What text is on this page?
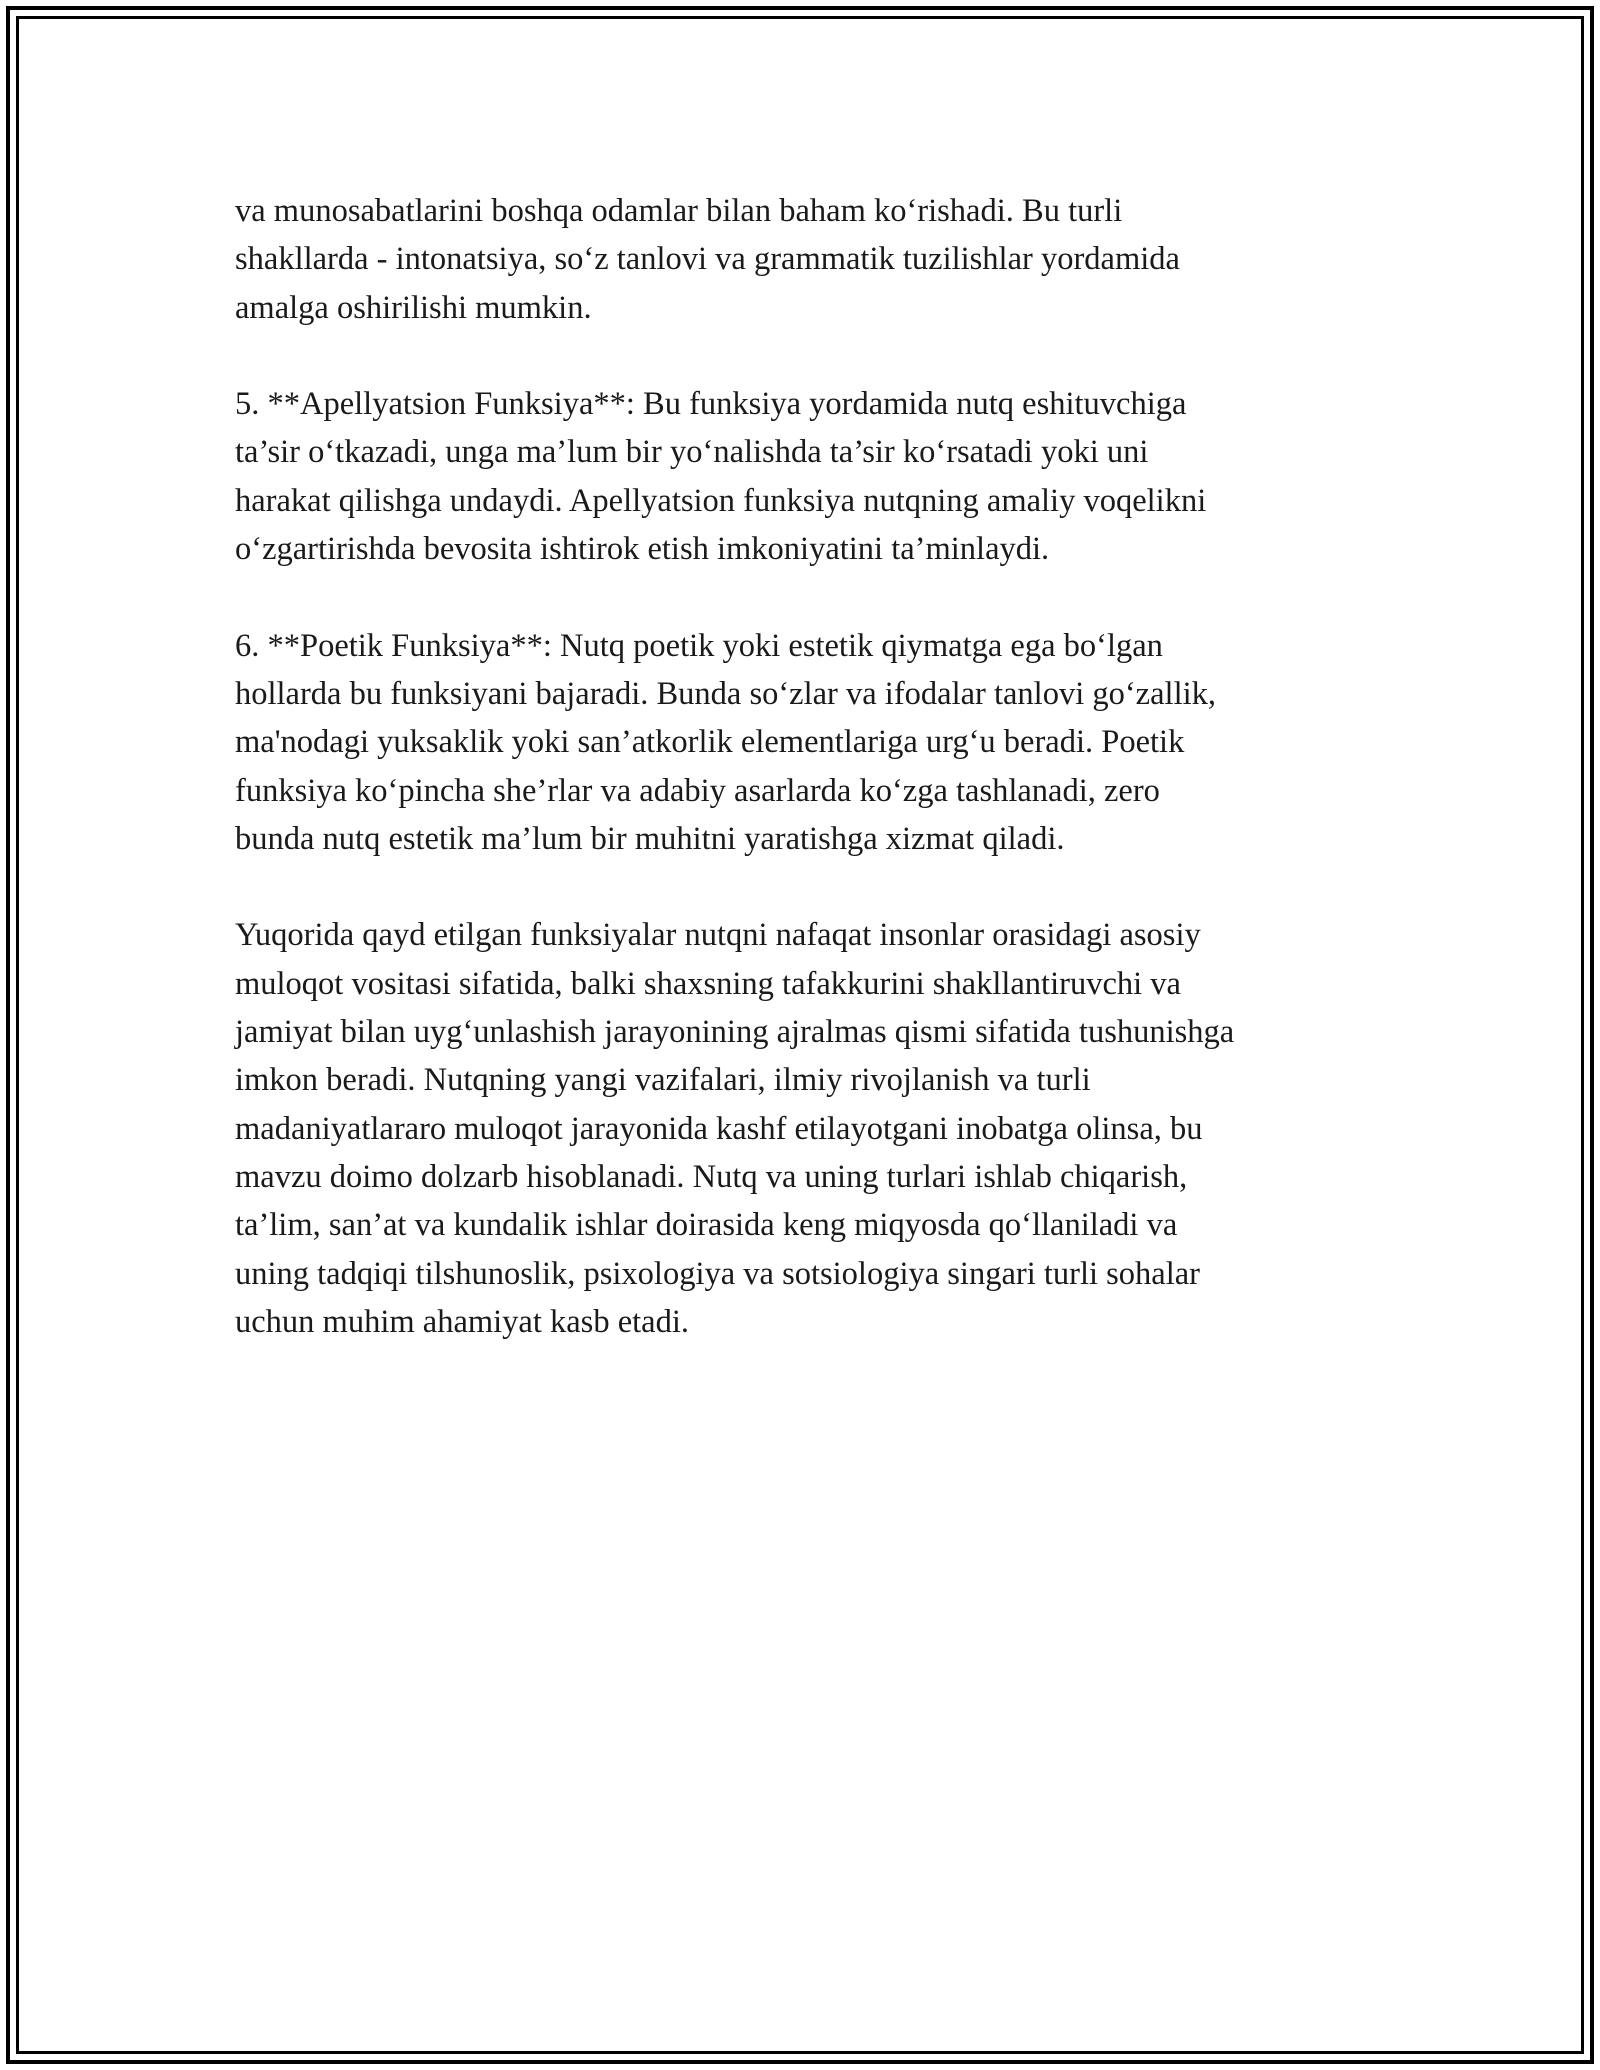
va munosabatlarini boshqa odamlar bilan baham ko‘rishadi. Bu turli
shakllarda - intonatsiya, so‘z tanlovi va grammatik tuzilishlar yordamida
amalga oshirilishi mumkin.

5. **Apellyatsion Funksiya**: Bu funksiya yordamida nutq eshituvchiga
ta’sir o‘tkazadi, unga ma’lum bir yo‘nalishda ta’sir ko‘rsatadi yoki uni
harakat qilishga undaydi. Apellyatsion funksiya nutqning amaliy voqelikni
o‘zgartirishda bevosita ishtirok etish imkoniyatini ta’minlaydi.

6. **Poetik Funksiya**: Nutq poetik yoki estetik qiymatga ega bo‘lgan
hollarda bu funksiyani bajaradi. Bunda so‘zlar va ifodalar tanlovi go‘zallik,
ma'nodagi yuksaklik yoki san’atkorlik elementlariga urg‘u beradi. Poetik
funksiya ko‘pincha she’rlar va adabiy asarlarda ko‘zga tashlanadi, zero
bunda nutq estetik ma’lum bir muhitni yaratishga xizmat qiladi.

Yuqorida qayd etilgan funksiyalar nutqni nafaqat insonlar orasidagi asosiy
muloqot vositasi sifatida, balki shaxsning tafakkurini shakllantiruvchi va
jamiyat bilan uyg‘unlashish jarayonining ajralmas qismi sifatida tushunishga
imkon beradi. Nutqning yangi vazifalari, ilmiy rivojlanish va turli
madaniyatlararo muloqot jarayonida kashf etilayotgani inobatga olinsa, bu
mavzu doimo dolzarb hisoblanadi. Nutq va uning turlari ishlab chiqarish,
ta’lim, san’at va kundalik ishlar doirasida keng miqyosda qo‘llaniladi va
uning tadqiqi tilshunoslik, psixologiya va sotsiologiya singari turli sohalar
uchun muhim ahamiyat kasb etadi.
